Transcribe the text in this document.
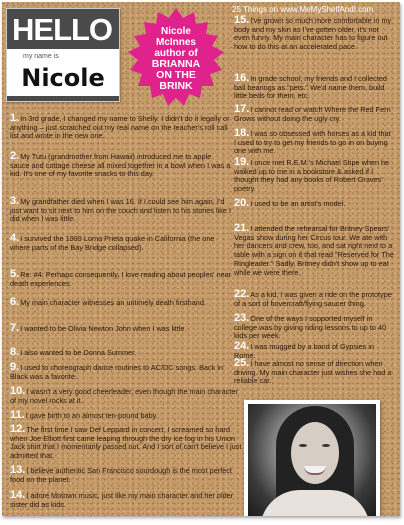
HELLO
my name is
Nicole
Nicole
McInnes
author of
BRIANNA
ON THE
BRINK
25 Things on www.MeMyShelfAndI.com
1.In 3rd grade, I changed my name to Shelly. I didn't do it legally or anything – just scratched out my real name on the teacher's roll call list and wrote in the new one.
2.My Tutu (grandmother from Hawaii) introduced me to apple sauce and cottage cheese all mixed together in a bowl when I was a kid. It's one of my favorite snacks to this day.
3.My grandfather died when I was 16. If I could see him again, I'd just want to sit next to him on the couch and listen to his stories like I did when I was little.
4.I survived the 1989 Loma Prieta quake in California (the one where parts of the Bay Bridge collapsed).
5.Re: #4: Perhaps consequently, I love reading about peoples' near death experiences.
6.My main character witnesses an untimely death firsthand.
7.I wanted to be Olivia Newton John when I was little.
8.I also wanted to be Donna Summer.
9.I used to choreograph dance routines to AC/DC songs. Back in Black was a favorite.
10.I wasn't a very good cheerleader, even though the main character of my novel rocks at it.
11.I gave birth to an almost ten-pound baby.
12.The first time I saw Def Leppard in concert, I screamed so hard when Joe Elliott first came leaping through the dry ice fog in his Union Jack shirt that I momentarily passed out. And I sort of can't believe I just admitted that.
13.I believe authentic San Francisco sourdough is the most perfect food on the planet.
14.I adore Motown music, just like my main character and her older sister did as kids.
15.I've grown so much more comfortable in my body and my skin as I've gotten older, it's not even funny. My main character has to figure out how to do this at an accelerated pace.
16.In grade school, my friends and I collected ball bearings as "pets." We'd name them, build little beds for them, etc.
17.I cannot read or watch Where the Red Fern Grows without doing the ugly cry.
18.I was so obsessed with horses as a kid that I used to try to get my friends to go in on buying one with me.
19.I once met R.E.M.'s Michael Stipe when he walked up to me in a bookstore & asked if I thought they had any books of Robert Graves' poetry.
20.I used to be an artist's model.
21.I attended the rehearsal for Britney Spears' Vegas show during her Circus tour. We ate with her dancers and crew, too, and sat right next to a table with a sign on it that read "Reserved for The Ringleader." Sadly, Britney didn't show up to eat while we were there.
22.As a kid, I was given a ride on the prototype of a sort of hovercraft/flying saucer thing.
23.One of the ways I supported myself in college was by giving riding lessons to up to 40 kids per week.
24.I was mugged by a band of Gypsies in Rome.
25.I have almost no sense of direction when driving. My main character just wishes she had a reliable car.
